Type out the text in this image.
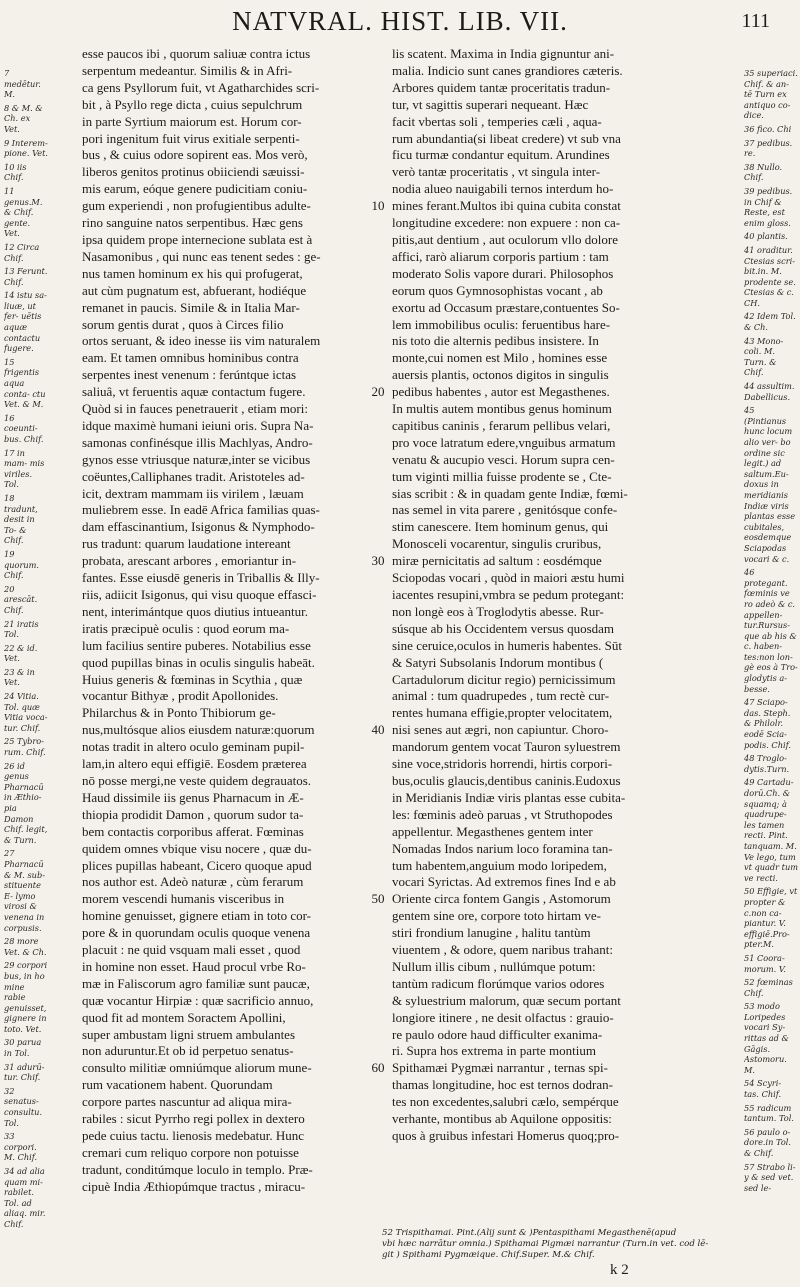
NATVRAL. HIST. LIB. VII.	111
7 medētur. M.
8 & M. & Ch. ex Vet.
9 Interem- pione. Vet.
10 iis Chif.
11 genus.M. & Chif. gente. Vet.
12 Circa Chif.
13 Ferunt. Chif.
14 istu sa- liuæ, ut fer- uētis aquæ contactu fugere.
15 frigentis aqua conta- ctu Vet. & M.
16 coeunti- bus. Chif.
17 in mam- mis viriles. Tol.
18 tradunt, desit in To- & Chif.
19 quorum. Chif.
20 arescāt. Chif.
21 iratis Tol.
22 & id. Vet.
23 & in Vet.
24 Vitia. Tol. quæ Vitia voca- tur. Chif.
25 Tybro- rum. Chif.
26 id genus Pharnacū in Æthio- pia Damon Chif. legit, & Turn.
27 Pharnacū & M. sub- stituente E- lymo virosi & venena in corpusis.
28 more Vet. & Ch.
29 corpori bus, in ho mine rabie genuisset, gignere in toto. Vet.
30 parua in Tol.
31 adurū- tur. Chif.
32 senatus- consultu. Tol.
33 corpori. M. Chif.
34 ad alia quam mi- rabilet. Tol. ad aliaq. mir. Chif.
esse paucos ibi , quorum saliuæ contra ictus
serpentum medeantur. Similis & in Afri-
ca gens Psyllorum fuit, vt Agatharchides scri-
bit , à Psyllo rege dicta , cuius sepulchrum
in parte Syrtium maiorum est. Horum cor-
pori ingenitum fuit virus exitiale serpenti-
bus , & cuius odore sopirent eas. Mos verò,
liberos genitos protinus obiiciendi sæuissi-
mis earum, eóque genere pudicitiam coniu-
gum experiendi , non profugientibus adulte-
rino sanguine natos serpentibus. Hæc gens
ipsa quidem prope internecione sublata est à
Nasamonibus , qui nunc eas tenent sedes : ge-
nus tamen hominum ex his qui profugerat,
aut cùm pugnatum est, abfuerant, hodiéque
remanet in paucis. Simile & in Italia Mar-
sorum gentis durat , quos à Circes filio
ortos seruant, & ideo inesse iis vim naturalem
eam. Et tamen omnibus hominibus contra
serpentes inest venenum : ferúntque ictas
saliuâ, vt feruentis aquæ contactum fugere.
Quòd si in fauces penetrauerit , etiam mori:
idque maximè humani ieiuni oris. Supra Na-
samonas confinésque illis Machlyas, Andro-
gynos esse vtriusque naturæ,inter se vicibus
coëuntes,Calliphanes tradit. Aristoteles ad-
icit, dextram mammam iis virilem , læuam
muliebrem esse. In eadē Africa familias quas-
dam effascinantium, Isigonus & Nymphodo-
rus tradunt: quarum laudatione intereant
probata, arescant arbores , emoriantur in-
fantes. Esse eiusdē generis in Triballis & Illy-
riis, adiicit Isigonus, qui visu quoque effasci-
nent, interimántque quos diutius intueantur.
iratis præcipuè oculis : quod eorum ma-
lum facilius sentire puberes. Notabilius esse
quod pupillas binas in oculis singulis habeāt.
Huius generis & fœminas in Scythia , quæ
vocantur Bithyæ , prodit Apollonides.
Philarchus & in Ponto Thibiorum ge-
nus,multósque alios eiusdem naturæ:quorum
notas tradit in altero oculo geminam pupil-
lam,in altero equi effigiē. Eosdem præterea
nō posse mergi,ne veste quidem degrauatos.
Haud dissimile iis genus Pharnacum in Æ-
thiopia prodidit Damon , quorum sudor ta-
bem contactis corporibus afferat. Fœminas
quidem omnes vbique visu nocere , quæ du-
plices pupillas habeant, Cicero quoque apud
nos author est. Adeò naturæ , cùm ferarum
morem vescendi humanis visceribus in
homine genuisset, gignere etiam in toto cor-
pore & in quorundam oculis quoque venena
placuit : ne quid vsquam mali esset , quod
in homine non esset. Haud procul vrbe Ro-
mæ in Faliscorum agro familiæ sunt paucæ,
quæ vocantur Hirpiæ : quæ sacrificio annuo,
quod fit ad montem Soractem Apollini,
super ambustam ligni struem ambulantes
non aduruntur.Et ob id perpetuo senatus-
consulto militiæ omniúmque aliorum mune-
rum vacationem habent. Quorundam
corpore partes nascuntur ad aliqua mira-
rabiles : sicut Pyrrho regi pollex in dextero
pede cuius tactu. lienosis medebatur. Hunc
cremari cum reliquo corpore non potuisse
tradunt, conditúmque loculo in templo. Præ-
cipuè India Æthiopúmque tractus , miracu-
10
20
30
40
50
60
lis scatent. Maxima in India gignuntur ani-
malia. Indicio sunt canes grandiores cæteris.
Arbores quidem tantæ proceritatis tradun-
tur, vt sagittis superari nequeant. Hæc
facit vbertas soli , temperies cæli , aqua-
rum abundantia(si libeat credere) vt sub vna
ficu turmæ condantur equitum. Arundines
verò tantæ proceritatis , vt singula inter-
nodia alueo nauigabili ternos interdum ho-
mines ferant.Multos ibi quina cubita constat
longitudine excedere: non expuere : non ca-
pitis,aut dentium , aut oculorum vllo dolore
affici, rarò aliarum corporis partium : tam
moderato Solis vapore durari. Philosophos
eorum quos Gymnosophistas vocant , ab
exortu ad Occasum præstare,contuentes So-
lem immobilibus oculis: feruentibus hare-
nis toto die alternis pedibus insistere. In
monte,cui nomen est Milo , homines esse
auersis plantis, octonos digitos in singulis
pedibus habentes , autor est Megasthenes.
In multis autem montibus genus hominum
capitibus caninis , ferarum pellibus velari,
pro voce latratum edere,vnguibus armatum
venatu & aucupio vesci. Horum supra cen-
tum viginti millia fuisse prodente se , Cte-
sias scribit : & in quadam gente Indiæ, fœmi-
nas semel in vita parere , genitósque confe-
stim canescere. Item hominum genus, qui
Monosceli vocarentur, singulis cruribus,
miræ pernicitatis ad saltum : eosdémque
Sciopodas vocari , quòd in maiori æstu humi
iacentes resupini,vmbra se pedum protegant:
non longè eos à Troglodytis abesse. Rur-
súsque ab his Occidentem versus quosdam
sine ceruice,oculos in humeris habentes. Sūt
& Satyri Subsolanis Indorum montibus (
Cartadulorum dicitur regio) pernicissimum
animal : tum quadrupedes , tum rectè cur-
rentes humana effigie,propter velocitatem,
nisi senes aut ægri, non capiuntur. Choro-
mandorum gentem vocat Tauron syluestrem
sine voce,stridoris horrendi, hirtis corpori-
bus,oculis glaucis,dentibus caninis.Eudoxus
in Meridianis Indiæ viris plantas esse cubita-
les: fœminis adeò paruas , vt Struthopodes
appellentur. Megasthenes gentem inter
Nomadas Indos narium loco foramina tan-
tum habentem,anguium modo loripedem,
vocari Syrictas. Ad extremos fines Ind e ab
Oriente circa fontem Gangis , Astomorum
gentem sine ore, corpore toto hirtam ve-
stiri frondium lanugine , halitu tantùm
viuentem , & odore, quem naribus trahant:
Nullum illis cibum , nullúmque potum:
tantùm radicum florúmque varios odores
& syluestrium malorum, quæ secum portant
longiore itinere , ne desit olfactus : grauio-
re paulo odore haud difficulter exanima-
ri. Supra hos extrema in parte montium
Spithamæi Pygmæi narrantur , ternas spi-
thamas longitudine, hoc est ternos dodran-
tes non excedentes,salubri cælo, sempérque
verhante, montibus ab Aquilone oppositis:
quos à gruibus infestari Homerus quoq;pro-
35 superiaci. Chif. & an- tē Turn ex antiquo co- dice.
36 fico. Chi
37 pedibus. re.
38 Nullo. Chif.
39 pedibus. in Chif & Reste, est enim gloss.
40 plantis.
41 oraditur. Ctesias scri- bit.in. M. prodente se. Ctesias & c. CH.
42 Idem Tol. & Ch.
43 Mono- coli. M. Turn. & Chif.
44 assultim. Dabellicus.
45 (Pintianus hunc locum alio ver- bo ordine sic legit.) ad saltum.Eu- doxus in meridianis Indiæ viris plantas esse cubitales, eosdemque Sciapodas vocari & c.
46 protegant. fœminis ve ro adeò & c. appellen- tur.Rursus- que ab his & c. haben- tes:non lon- gè eos à Tro- glodytis a- besse.
47 Sciapo- das. Steph. & Philolr. eodē Scia- podis. Chif.
48 Troglo- dytis.Turn.
49 Cartadu- dorū.Ch. & squamq; à quadrupe- les tamen recti. Pint. tanquam. M. Ve lego, tum vt quadr tum ve recti.
50 Effigie, vt propter & c.non ca- piantur. V. effigiē.Pro- pter.M.
51 Coora- morum. V.
52 fœminas Chif.
53 modo Loripedes vocari Sy- rittas ad & Gāgis. Astomoru. M.
54 Scyri- tas. Chif.
55 radicum tantum. Tol.
56 paulo o- dore.in Tol. & Chif.
57 Strabo li- y & sed vet. sed le-
52 Trispithamai. Pint.(Alij sunt & )Pentaspithami Megasthenē(apud
vbi hæc narrātur omnia.) Spithamai Pigmæi narrantur (Turn.in vet. cod lē-
git ) Spithami Pygmæique. Chif.Super. M.& Chif.
k 2
